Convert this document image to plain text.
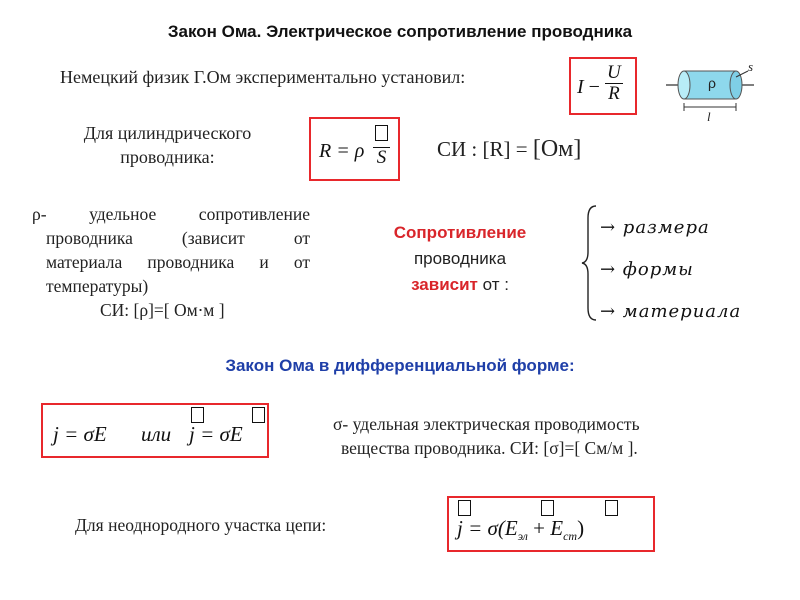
Закон Ома. Электрическое сопротивление проводника
Немецкий физик Г.Ом экспериментально установил:	$I - \frac{U}{R}$	ρ
s
l
Для цилиндрического
проводника:	R = ρ S СИ : [R] = [Ом]
ρ- удельное сопротивление
проводника (зависит от
материала проводника и от
температуры)
СИ: [ρ]=[ Ом⋅м ]
Сопротивление
проводника
зависит от :
→ размера
→ формы
→ материала
Закон Ома в дифференциальной форме:
j = σE или j = σE	σ- удельная электрическая проводимость
вещества проводника. СИ: [σ]=[ См/м ].
Для неоднородного участка цепи:	$j = \sigma(E_{эл} + E_{ст})$
